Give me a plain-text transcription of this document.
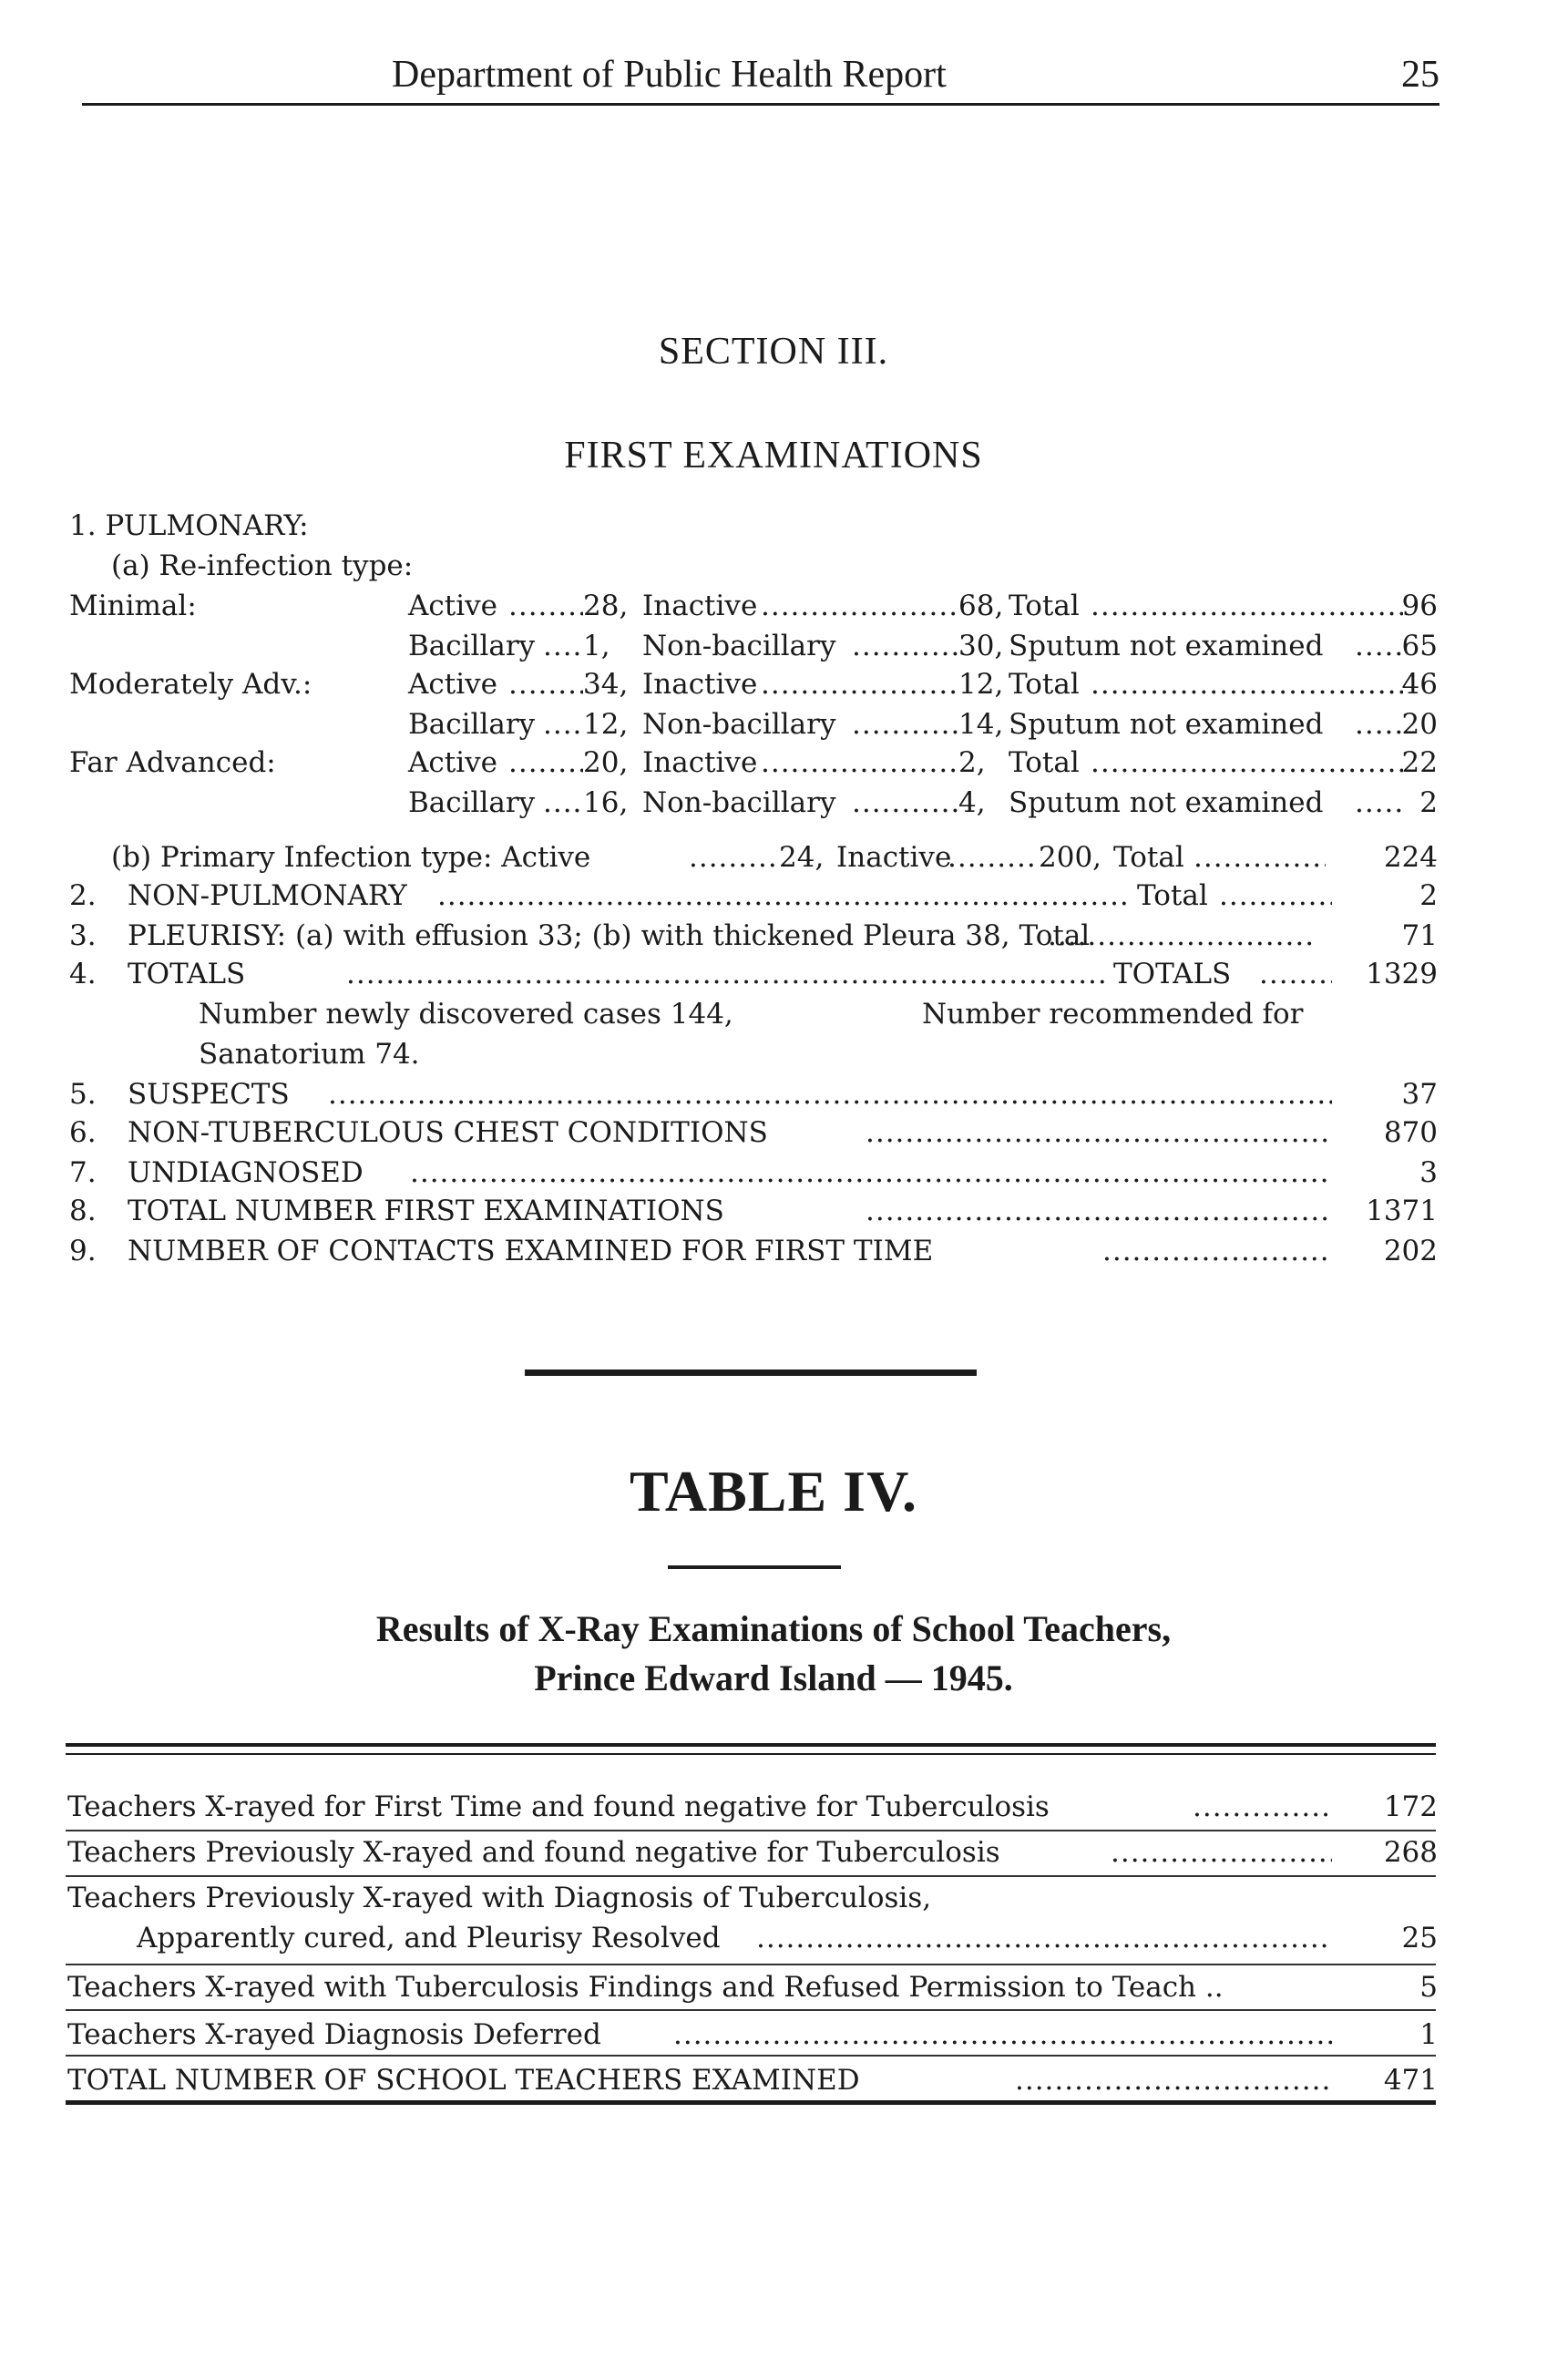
Department of Public Health Report	25
SECTION III.
FIRST EXAMINATIONS
1. PULMONARY:
(a) Re-infection type:
Minimal:	Active .....	28, Inactive .....	68, Total .....	96
Bacillary ..... 1, Non-bacillary .....	30, Sputum not examined .....	65
Moderately Adv.:	Active .....	34, Inactive .....	12, Total .....	46
Bacillary ..... 12, Non-bacillary .....	14, Sputum not examined .....	20
Far Advanced:	Active .....	20, Inactive .....	2, Total .....	22
Bacillary ..... 16, Non-bacillary .....	4, Sputum not examined .....	2
(b) Primary Infection type: Active .....	24, Inactive .....	200, Total .....	224
2. NON-PULMONARY .....	Total .....	2
3. PLEURISY: (a) with effusion 33; (b) with thickened Pleura 38, Total .....	71
4. TOTALS .....	TOTALS .....	1329
Number newly discovered cases 144,	Number recommended for
Sanatorium 74.
5. SUSPECTS .....	37
6. NON-TUBERCULOUS CHEST CONDITIONS .....	870
7. UNDIAGNOSED .....	3
8. TOTAL NUMBER FIRST EXAMINATIONS .....	1371
9. NUMBER OF CONTACTS EXAMINED FOR FIRST TIME .....	202
TABLE IV.
Results of X-Ray Examinations of School Teachers,
Prince Edward Island — 1945.
Teachers X-rayed for First Time and found negative for Tuberculosis .....	172
Teachers Previously X-rayed and found negative for Tuberculosis .....	268
Teachers Previously X-rayed with Diagnosis of Tuberculosis,
Apparently cured, and Pleurisy Resolved .....	25
Teachers X-rayed with Tuberculosis Findings and Refused Permission to Teach ..	5
Teachers X-rayed Diagnosis Deferred .....	1
TOTAL NUMBER OF SCHOOL TEACHERS EXAMINED .....	471
